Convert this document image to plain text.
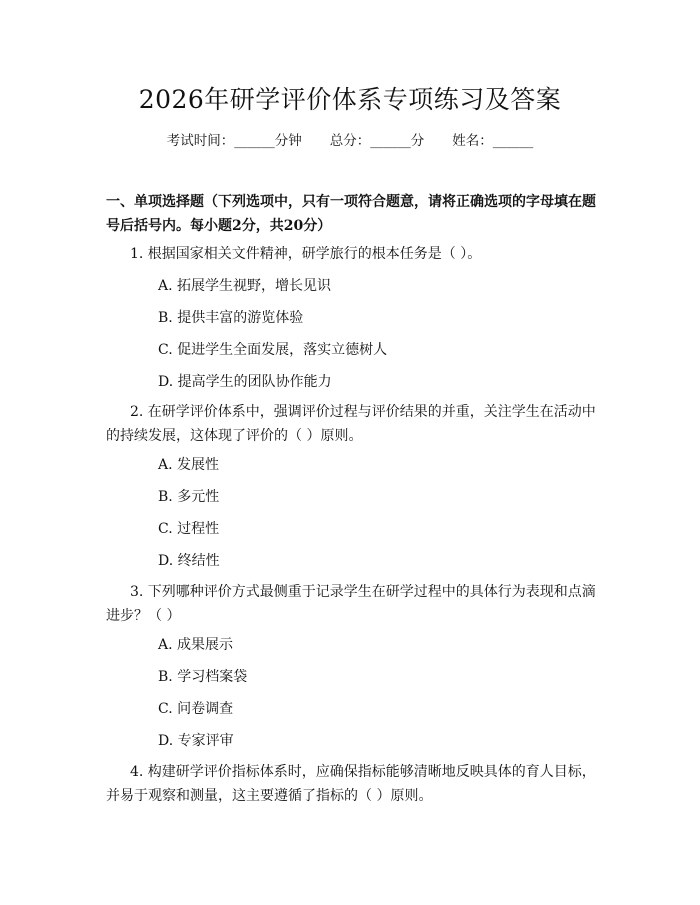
2026年研学评价体系专项练习及答案
考试时间：______分钟 总分：______分 姓名：______
一、单项选择题（下列选项中，只有一项符合题意，请将正确选项的字母填在题号后括号内。每小题2分，共20分）
1. 根据国家相关文件精神，研学旅行的根本任务是（ ）。
A. 拓展学生视野，增长见识
B. 提供丰富的游览体验
C. 促进学生全面发展，落实立德树人
D. 提高学生的团队协作能力
2. 在研学评价体系中，强调评价过程与评价结果的并重，关注学生在活动中的持续发展，这体现了评价的（ ）原则。
A. 发展性
B. 多元性
C. 过程性
D. 终结性
3. 下列哪种评价方式最侧重于记录学生在研学过程中的具体行为表现和点滴进步？（ ）
A. 成果展示
B. 学习档案袋
C. 问卷调查
D. 专家评审
4. 构建研学评价指标体系时，应确保指标能够清晰地反映具体的育人目标，并易于观察和测量，这主要遵循了指标的（ ）原则。
